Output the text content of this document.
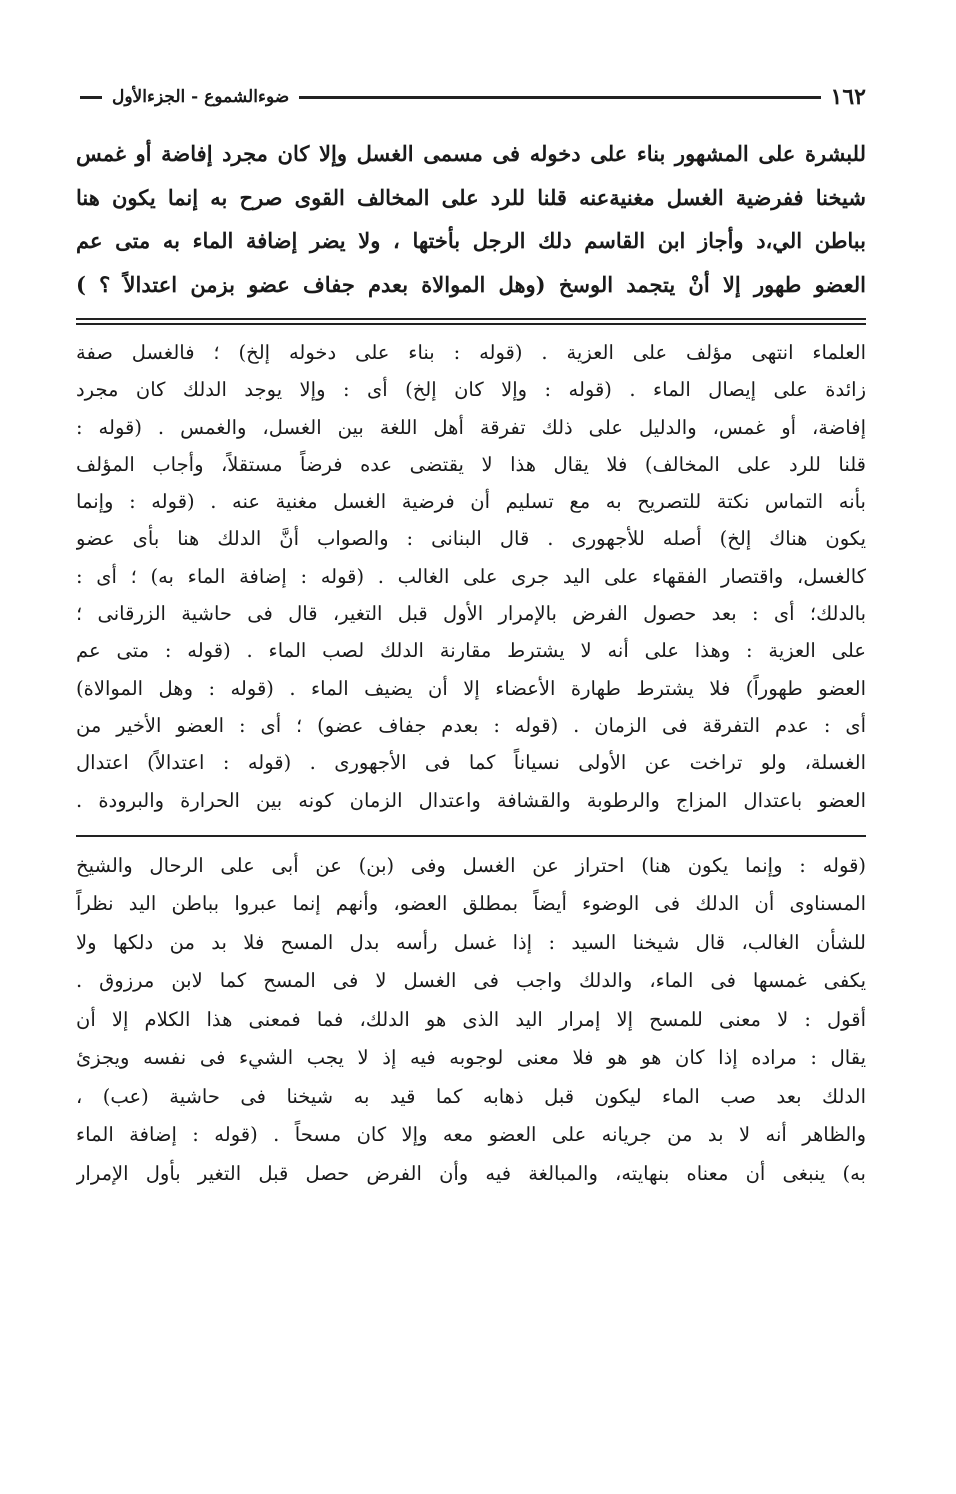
١٦٢
ضوءالشموع - الجزءالأول

للبشرة على المشهور بناء على دخوله فى مسمى الغسل وإلا كان مجرد إفاضة أو غمس

شيخنا ففرضية الغسل مغنيةعنه قلنا للرد على المخالف القوى صرح به إنما يكون هنا

بباطن الي،د وأجاز ابن القاسم دلك الرجل بأختها ، ولا يضر إضافة الماء به متى عم

العضو طهور إلا أنْ يتجمد الوسخ (وهل الموالاة بعدم جفاف عضو بزمن اعتدالاً ؟ )

العلماء انتهى مؤلف على العزية . (قوله : بناء على دخوله إلخ) ؛ فالغسل صفة

زائدة على إيصال الماء . (قوله : وإلا كان إلخ) أى : وإلا يوجد الدلك كان مجرد

إفاضة، أو غمس، والدليل على ذلك تفرقة أهل اللغة بين الغسل، والغمس . (قوله :

قلنا للرد على المخالف) فلا يقال هذا لا يقتضى عده فرضاً مستقلاً، وأجاب المؤلف

بأنه التماس نكتة للتصريح به مع تسليم أن فرضية الغسل مغنية عنه . (قوله : وإنما

يكون هناك إلخ) أصله للأجهورى . قال البنانى : والصواب أنَّ الدلك هنا بأى عضو

كالغسل، واقتصار الفقهاء على اليد جرى على الغالب . (قوله : إضافة الماء به) ؛ أى :

بالدلك؛ أى : بعد حصول الفرض بالإمرار الأول قبل التغير، قال فى حاشية الزرقانى ؛

على العزية : وهذا على أنه لا يشترط مقارنة الدلك لصب الماء . (قوله : متى عم

العضو طهوراً) فلا يشترط طهارة الأعضاء إلا أن يضيف الماء . (قوله : وهل الموالاة)

أى : عدم التفرقة فى الزمان . (قوله : بعدم جفاف عضو) ؛ أى : العضو الأخير من

الغسلة، ولو تراخت عن الأولى نسياناً كما فى الأجهورى . (قوله : اعتدالاً) اعتدال

العضو باعتدال المزاج والرطوبة والقشافة واعتدال الزمان كونه بين الحرارة والبرودة .

(قوله : وإنما يكون هنا) احتراز عن الغسل وفى (بن) عن أبى على الرحال والشيخ

المسناوى أن الدلك فى الوضوء أيضاً بمطلق العضو، وأنهم إنما عبروا بباطن اليد نظراً

للشأن الغالب، قال شيخنا السيد : إذا غسل رأسه بدل المسح فلا بد من دلكها ولا

يكفى غمسها فى الماء، والدلك واجب فى الغسل لا فى المسح كما لابن مرزوق .

أقول : لا معنى للمسح إلا إمرار اليد الذى هو الدلك، فما فمعنى هذا الكلام إلا أن

يقال : مراده إذا كان هو هو فلا معنى لوجوبه فيه إذ لا يجب الشيء فى نفسه ويجزئ

الدلك بعد صب الماء ليكون قبل ذهابه كما قيد به شيخنا فى حاشية (عب) ،

والظاهر أنه لا بد من جريانه على العضو معه وإلا كان مسحاً . (قوله : إضافة الماء

به) ينبغى أن معناه بنهايته، والمبالغة فيه وأن الفرض حصل قبل التغير بأول الإمرار
